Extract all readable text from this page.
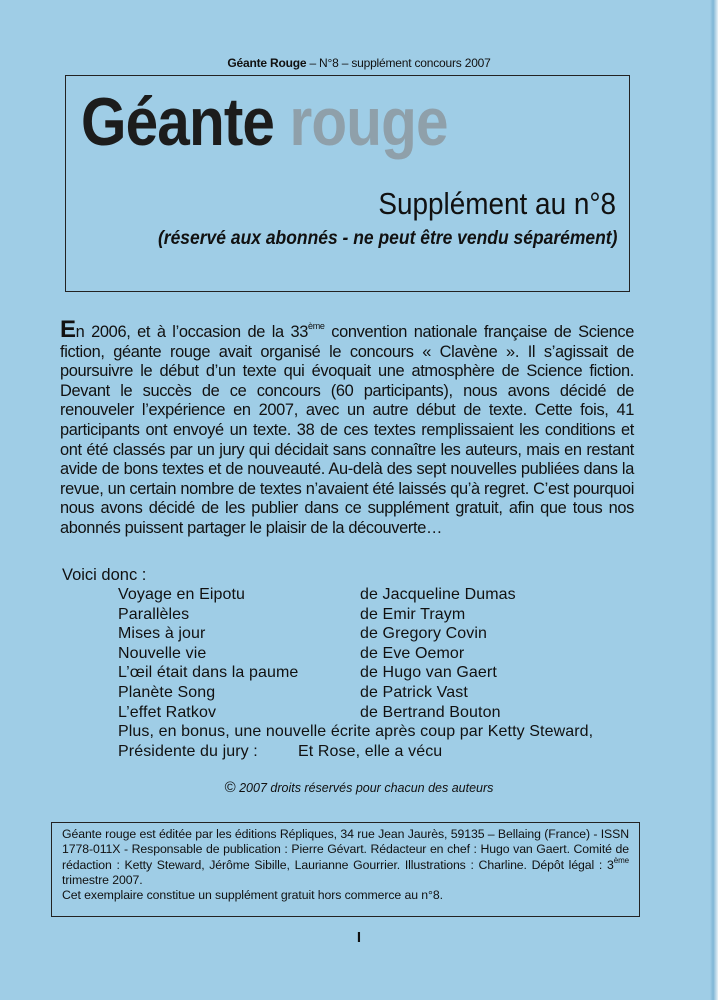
Géante Rouge – N°8 – supplément concours 2007
Géante rouge
Supplément au n°8
(réservé aux abonnés - ne peut être vendu séparément)
En 2006, et à l’occasion de la 33ème convention nationale française de Science fiction, géante rouge avait organisé le concours « Clavène ». Il s’agissait de poursuivre le début d’un texte qui évoquait une atmosphère de Science fiction. Devant le succès de ce concours (60 participants), nous avons décidé de renouveler l’expérience en 2007, avec un autre début de texte. Cette fois, 41 participants ont envoyé un texte. 38 de ces textes remplissaient les conditions et ont été classés par un jury qui décidait sans connaître les auteurs, mais en restant avide de bons textes et de nouveauté. Au-delà des sept nouvelles publiées dans la revue, un certain nombre de textes n’avaient été laissés qu’à regret. C’est pourquoi nous avons décidé de les publier dans ce supplément gratuit, afin que tous nos abonnés puissent partager le plaisir de la découverte…
Voici donc :
Voyage en Eipotu	de Jacqueline Dumas
Parallèles	de Emir Traym
Mises à jour	de Gregory Covin
Nouvelle vie	de Eve Oemor
L’œil était dans la paume	de Hugo van Gaert
Planète Song	de Patrick Vast
L’effet Ratkov	de Bertrand Bouton
Plus, en bonus, une nouvelle écrite après coup par Ketty Steward,
Présidente du jury :	Et Rose, elle a vécu
© 2007 droits réservés pour chacun des auteurs
Géante rouge est éditée par les éditions Répliques, 34 rue Jean Jaurès, 59135 – Bellaing (France) - ISSN 1778-011X - Responsable de publication : Pierre Gévart. Rédacteur en chef : Hugo van Gaert. Comité de rédaction : Ketty Steward, Jérôme Sibille, Laurianne Gourrier. Illustrations : Charline. Dépôt légal : 3ème trimestre 2007.
Cet exemplaire constitue un supplément gratuit hors commerce au n°8.
I
